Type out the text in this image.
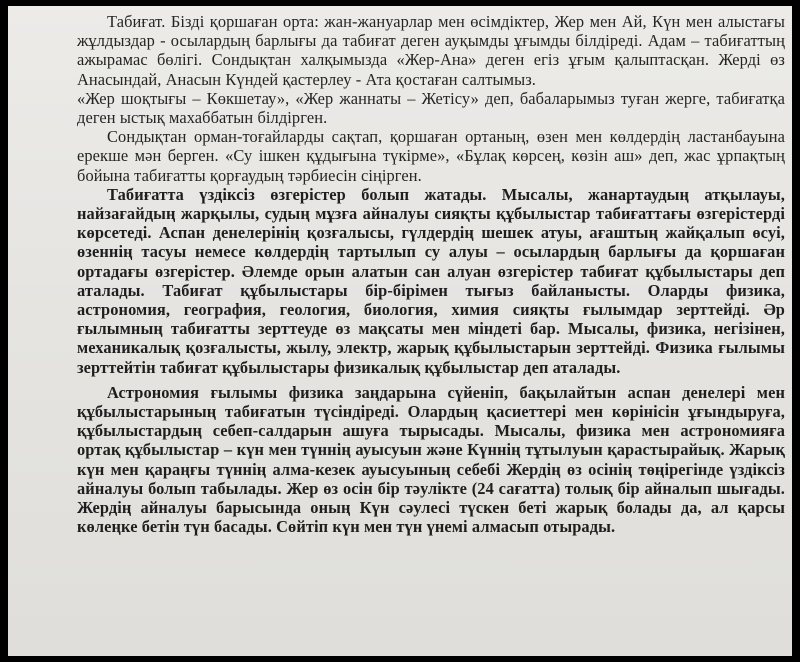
Табиғат. Бізді қоршаған орта: жан-жануарлар мен өсімдіктер, Жер мен Ай, Күн мен алыстағы жұлдыздар - осылардың барлығы да табиғат деген ауқымды ұғымды білдіреді. Адам – табиғаттың ажырамас бөлігі. Сондықтан халқымызда «Жер-Ана» деген егіз ұғым қалыптасқан. Жерді өз Анасындай, Анасын Күндей қастерлеу - Ата қостаған салтымыз.

«Жер шоқтығы – Көкшетау», «Жер жаннаты – Жетісу» деп, бабаларымыз туған жерге, табиғатқа деген ыстық махаббатын білдірген.

Сондықтан орман-тоғайларды сақтап, қоршаған ортаның, өзен мен көлдердің ластанбауына ерекше мән берген. «Су ішкен құдығына түкірме», «Бұлақ көрсең, көзін аш» деп, жас ұрпақтың бойына табиғатты қорғаудың тәрбиесін сіңірген.

Табиғатта үздіксіз өзгерістер болып жатады. Мысалы, жанартаудың атқылауы, найзағайдың жарқылы, судың мұзға айналуы сияқты құбылыстар табиғаттағы өзгерістерді көрсетеді. Аспан денелерінің қозғалысы, гүлдердің шешек атуы, ағаштың жайқалып өсуі, өзеннің тасуы немесе көлдердің тартылып су алуы – осылардың барлығы да қоршаған ортадағы өзгерістер. Әлемде орын алатын сан алуан өзгерістер табиғат құбылыстары деп аталады. Табиғат құбылыстары бір-бірімен тығыз байланысты. Оларды физика, астрономия, география, геология, биология, химия сияқты ғылымдар зерттейді. Әр ғылымның табиғатты зерттеуде өз мақсаты мен міндеті бар. Мысалы, физика, негізінен, механикалық қозғалысты, жылу, электр, жарық құбылыстарын зерттейді. Физика ғылымы зерттейтін табиғат құбылыстары физикалық құбылыстар деп аталады.

Астрономия ғылымы физика заңдарына сүйеніп, бақылайтын аспан денелері мен құбылыстарының табиғатын түсіндіреді. Олардың қасиеттері мен көрінісін ұғындыруға, құбылыстардың себеп-салдарын ашуға тырысады. Мысалы, физика мен астрономияға ортақ құбылыстар – күн мен түннің ауысуын және Күннің тұтылуын қарастырайық. Жарық күн мен қараңғы түннің алма-кезек ауысуының себебі Жердің өз осінің төңірегінде үздіксіз айналуы болып табылады. Жер өз осін бір тәулікте (24 сағатта) толық бір айналып шығады. Жердің айналуы барысында оның Күн сәулесі түскен беті жарық болады да, ал қарсы көлеңке бетін түн басады. Сөйтіп күн мен түн үнемі алмасып отырады.
